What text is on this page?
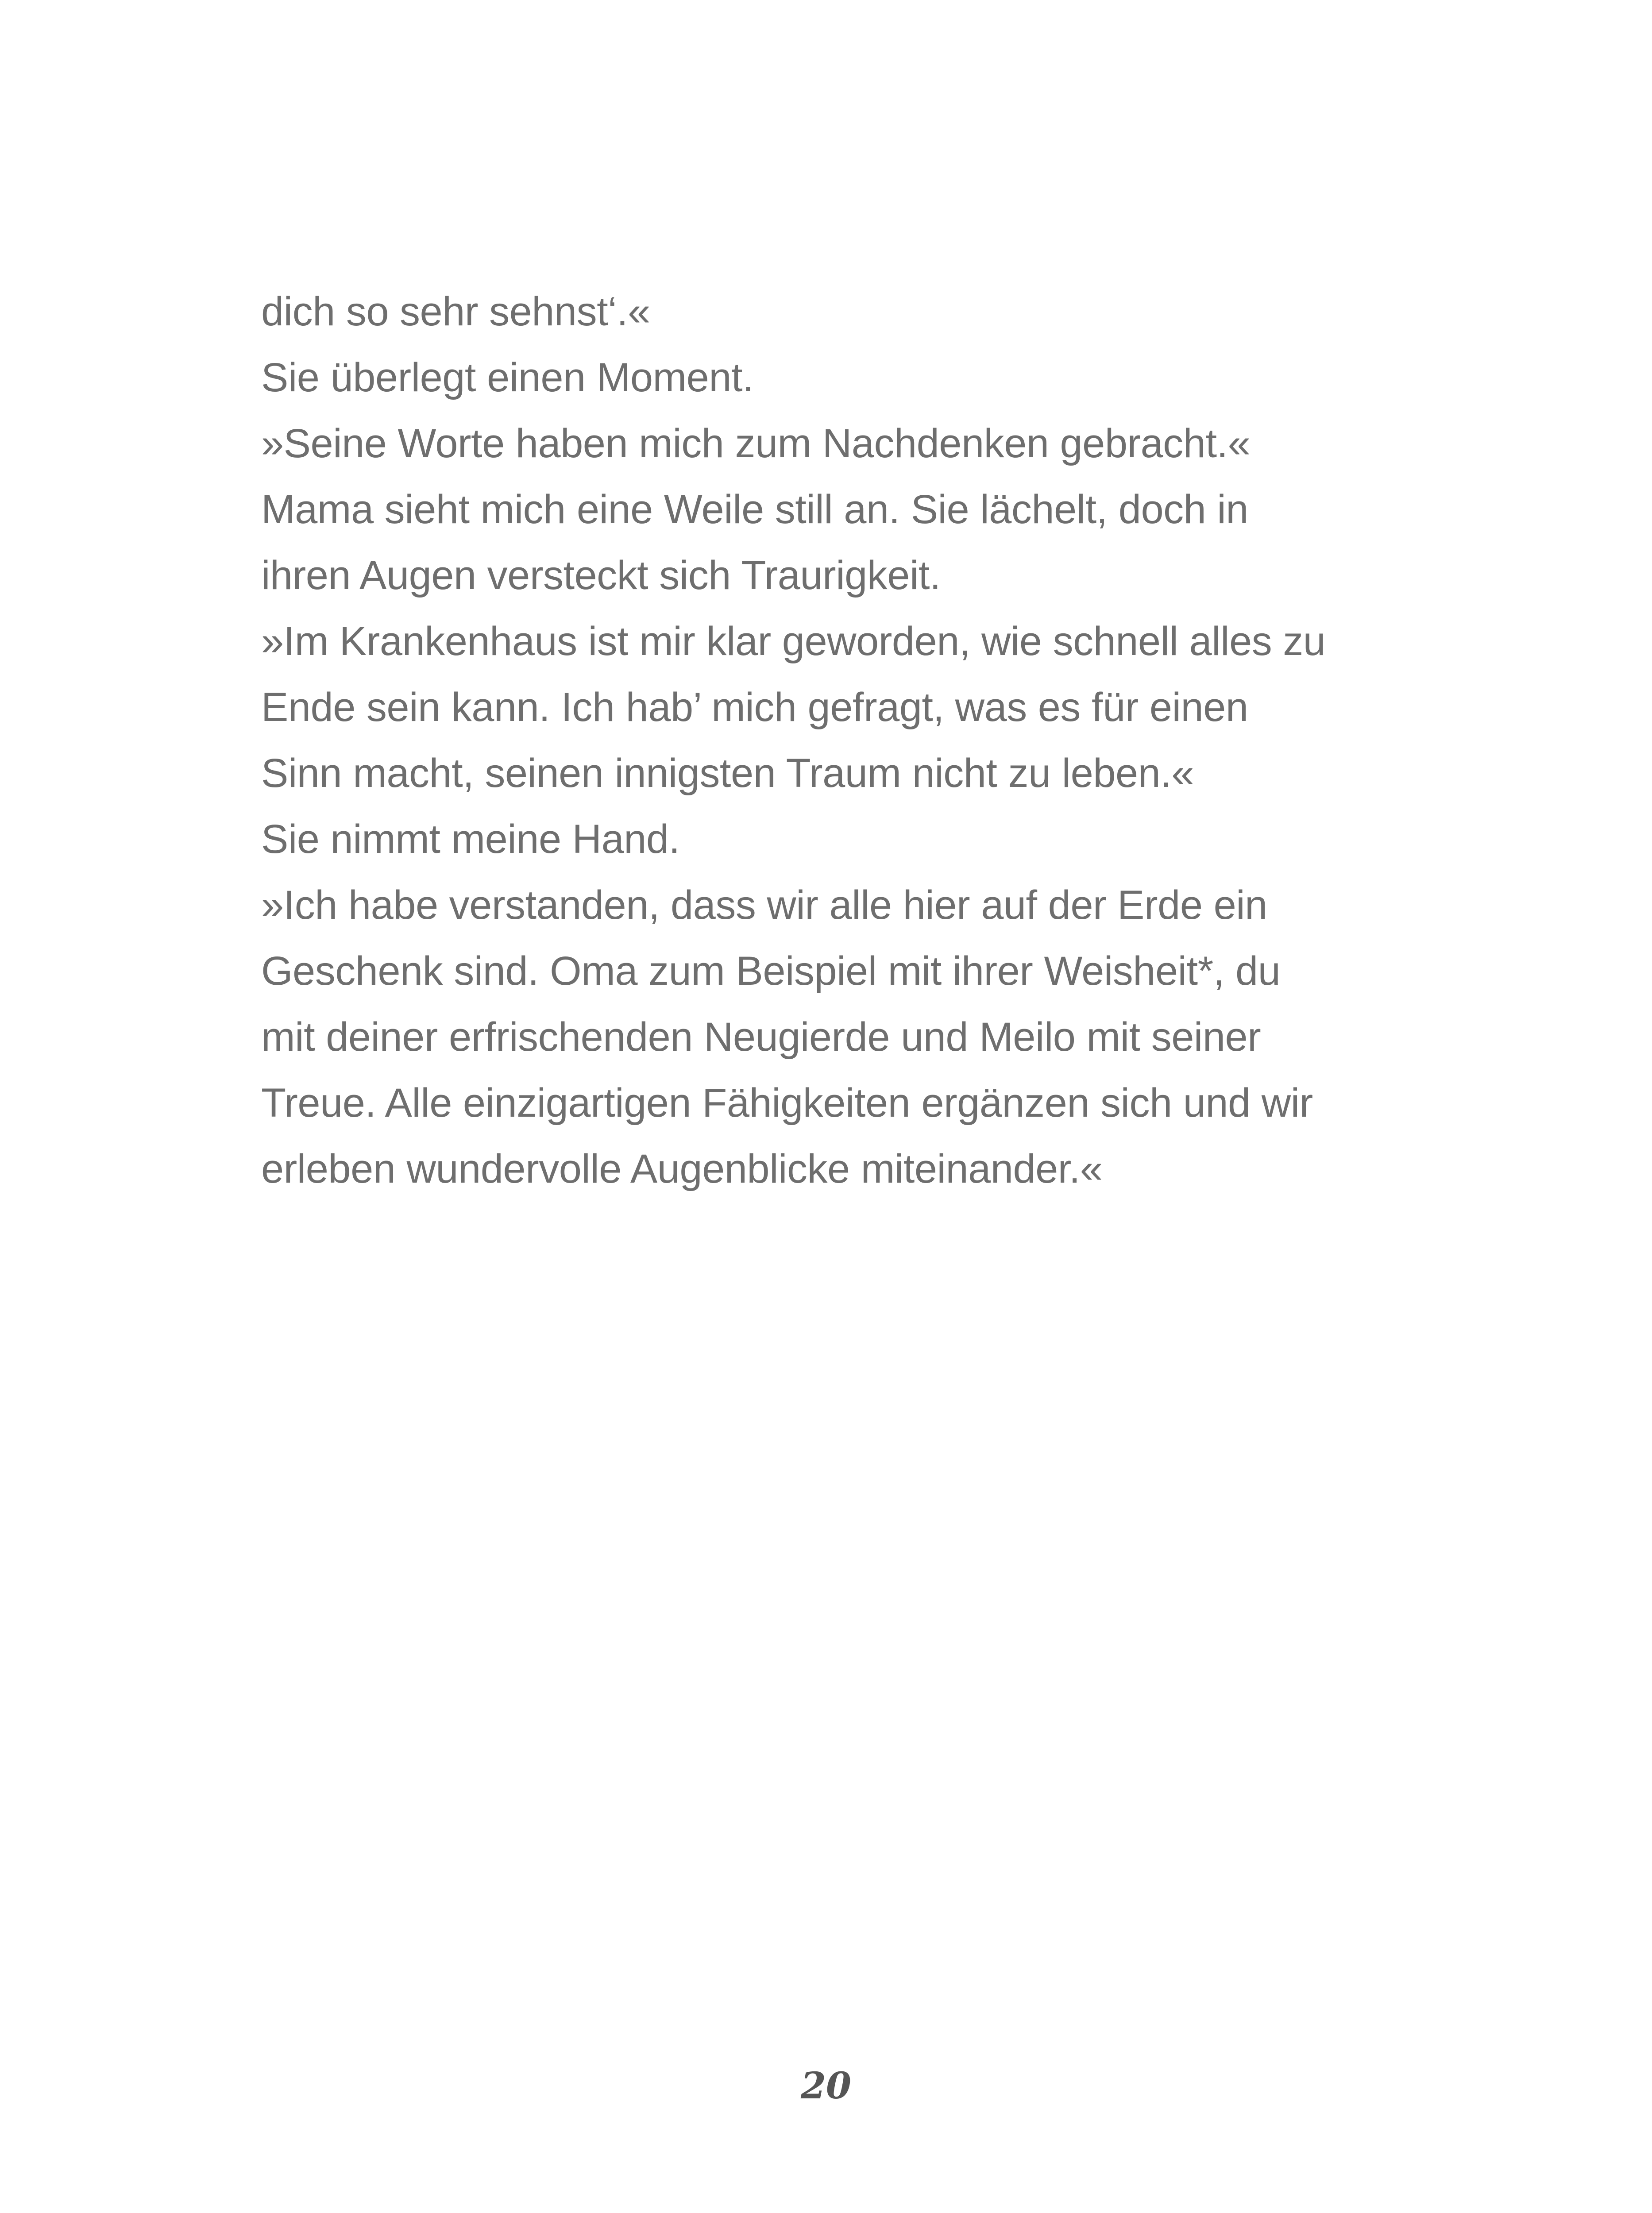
dich so sehr sehnst‘.«
Sie überlegt einen Moment.
»Seine Worte haben mich zum Nachdenken gebracht.«
Mama sieht mich eine Weile still an. Sie lächelt, doch in
ihren Augen versteckt sich Traurigkeit.
»Im Krankenhaus ist mir klar geworden, wie schnell alles zu
Ende sein kann. Ich hab’ mich gefragt, was es für einen
Sinn macht, seinen innigsten Traum nicht zu leben.«
Sie nimmt meine Hand.
»Ich habe verstanden, dass wir alle hier auf der Erde ein
Geschenk sind. Oma zum Beispiel mit ihrer Weisheit*, du
mit deiner erfrischenden Neugierde und Meilo mit seiner
Treue. Alle einzigartigen Fähigkeiten ergänzen sich und wir
erleben wundervolle Augenblicke miteinander.«
20
